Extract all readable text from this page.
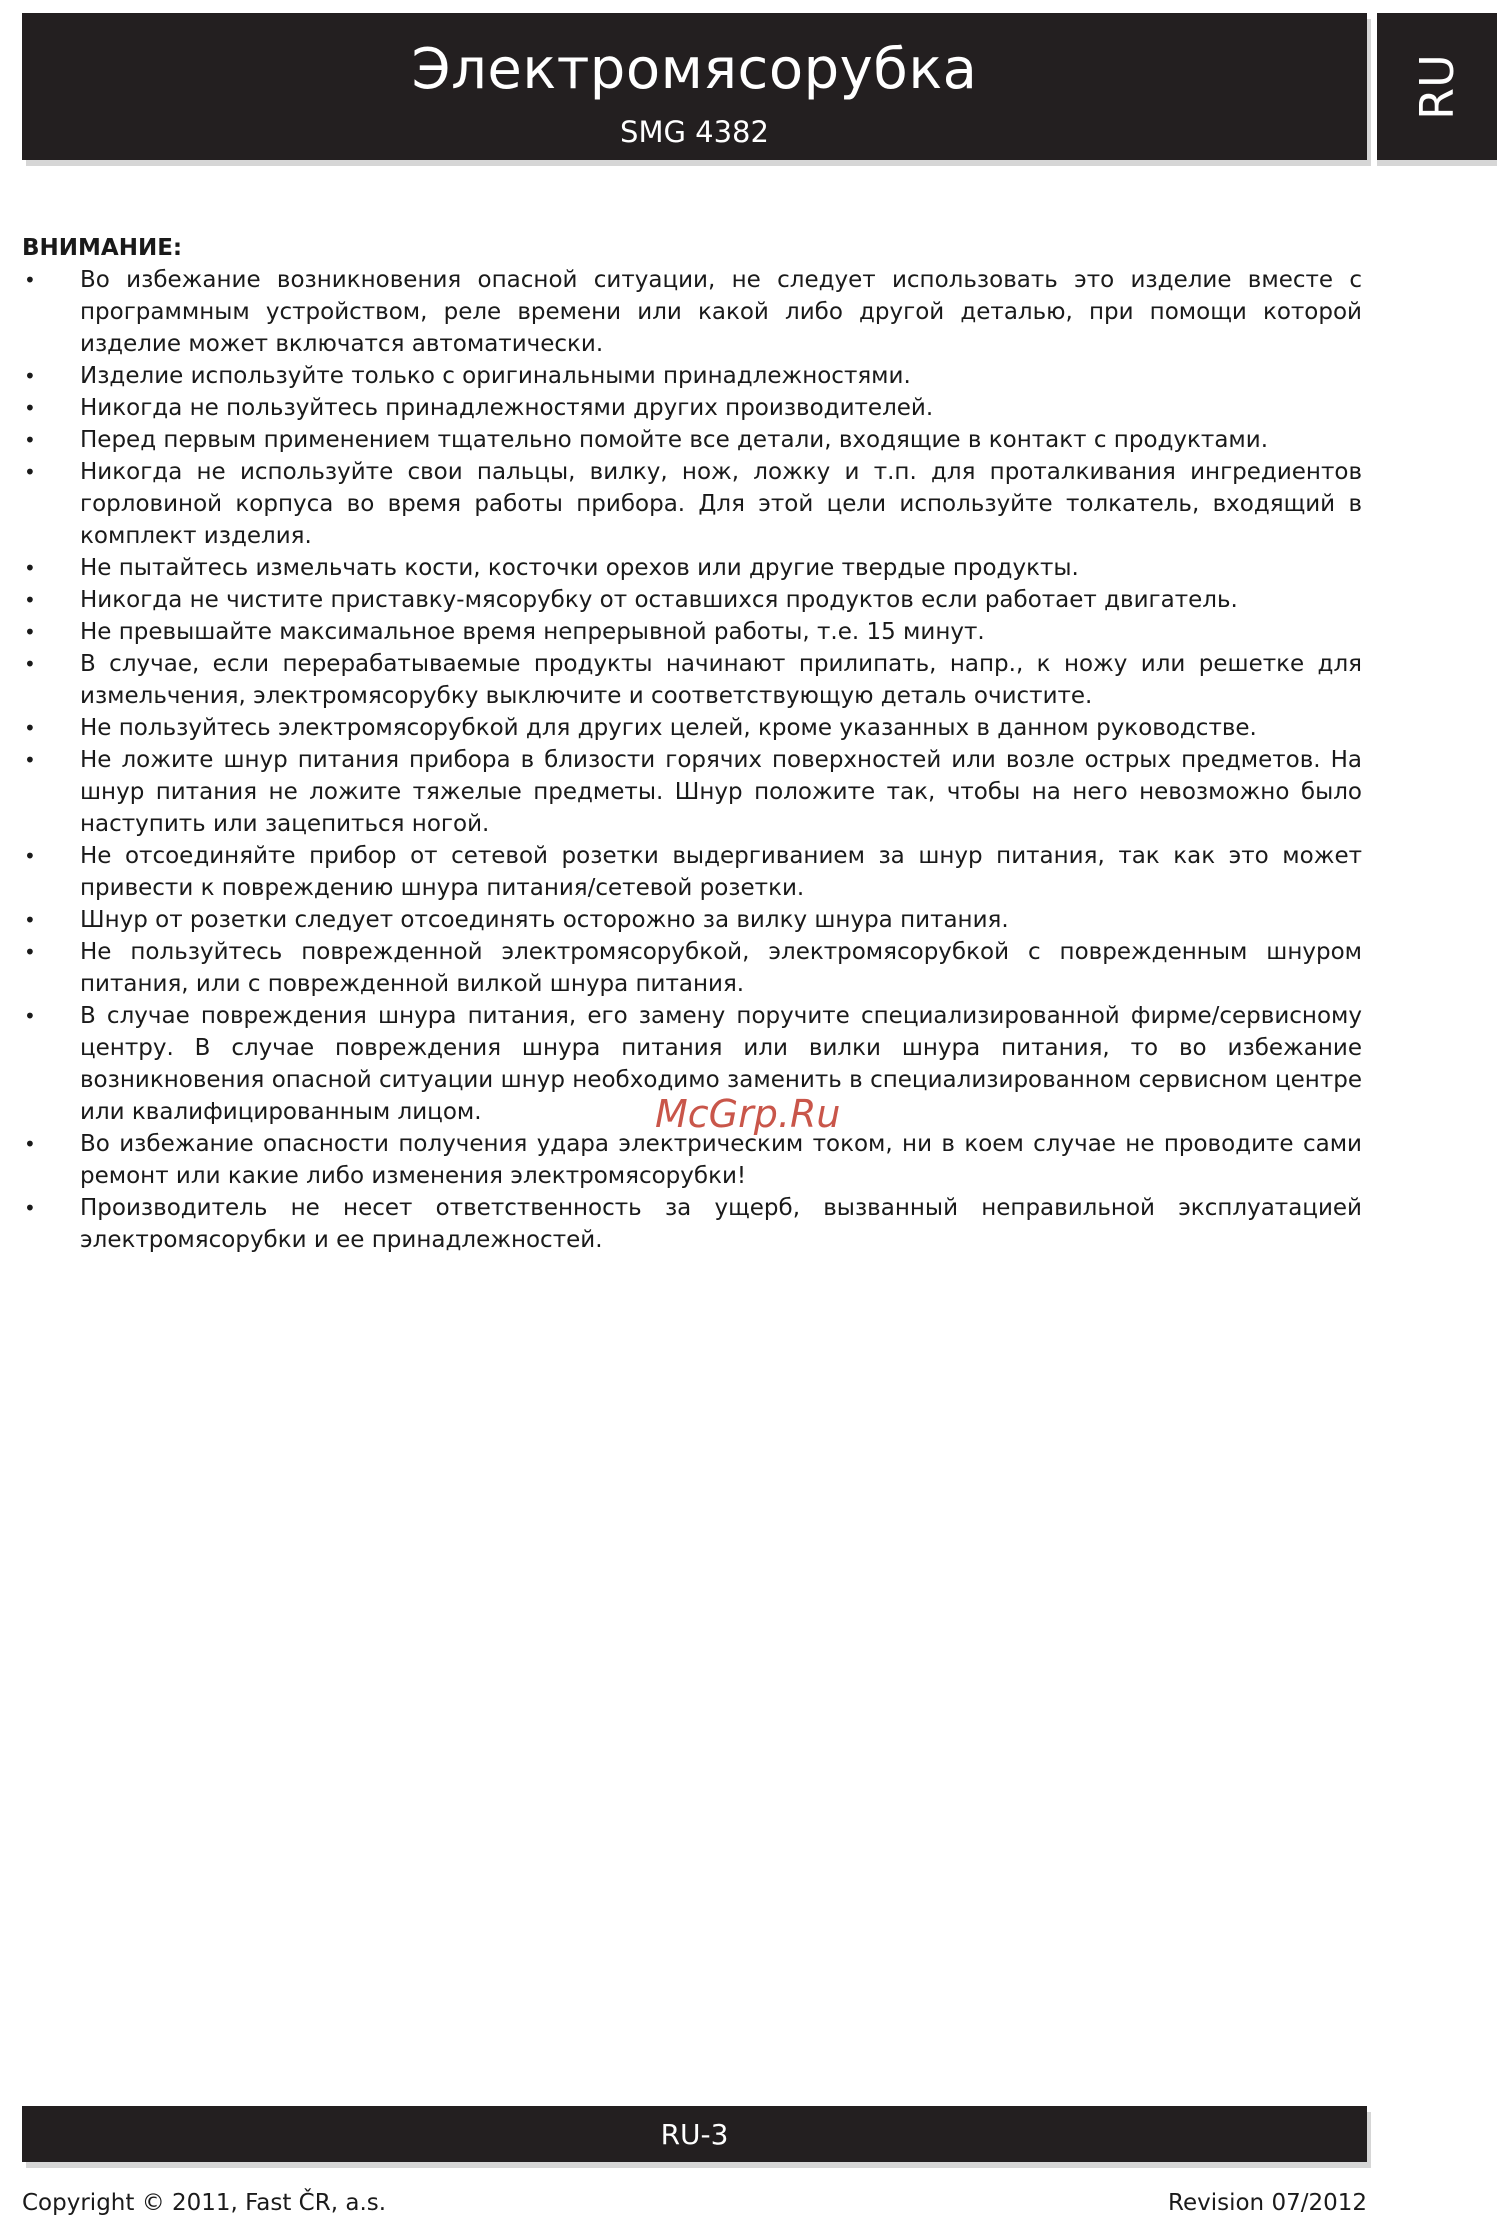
Электромясорубка
SMG 4382
RU
ВНИМАНИЕ:
• Во избежание возникновения опасной ситуации, не следует использовать это изделие вместе с программным устройством, реле времени или какой либо другой деталью, при помощи которой изделие может включатся автоматически.
• Изделие используйте только с оригинальными принадлежностями.
• Никогда не пользуйтесь принадлежностями других производителей.
• Перед первым применением тщательно помойте все детали, входящие в контакт с продуктами.
• Никогда не используйте свои пальцы, вилку, нож, ложку и т.п. для проталкивания ингредиентов горловиной корпуса во время работы прибора. Для этой цели используйте толкатель, входящий в комплект изделия.
• Не пытайтесь измельчать кости, косточки орехов или другие твердые продукты.
• Никогда не чистите приставку-мясорубку от оставшихся продуктов если работает двигатель.
• Не превышайте максимальное время непрерывной работы, т.е. 15 минут.
• В случае, если перерабатываемые продукты начинают прилипать, напр., к ножу или решетке для измельчения, электромясорубку выключите и соответствующую деталь очистите.
• Не пользуйтесь электромясорубкой для других целей, кроме указанных в данном руководстве.
• Не ложите шнур питания прибора в близости горячих поверхностей или возле острых предметов. На шнур питания не ложите тяжелые предметы. Шнур положите так, чтобы на него невозможно было наступить или зацепиться ногой.
• Не отсоединяйте прибор от сетевой розетки выдергиванием за шнур питания, так как это может привести к повреждению шнура питания/сетевой розетки.
• Шнур от розетки следует отсоединять осторожно за вилку шнура питания.
• Не пользуйтесь поврежденной электромясорубкой, электромясорубкой с поврежденным шнуром питания, или с поврежденной вилкой шнура питания.
• В случае повреждения шнура питания, его замену поручите специализированной фирме/сервисному центру. В случае повреждения шнура питания или вилки шнура питания, то во избежание возникновения опасной ситуации шнур необходимо заменить в специализированном сервисном центре или квалифицированным лицом.
• Во избежание опасности получения удара электрическим током, ни в коем случае не проводите сами ремонт или какие либо изменения электромясорубки!
• Производитель не несет ответственность за ущерб, вызванный неправильной эксплуатацией электромясорубки и ее принадлежностей.
McGrp.Ru
RU-3
Copyright © 2011, Fast ČR, a.s.	Revision 07/2012
